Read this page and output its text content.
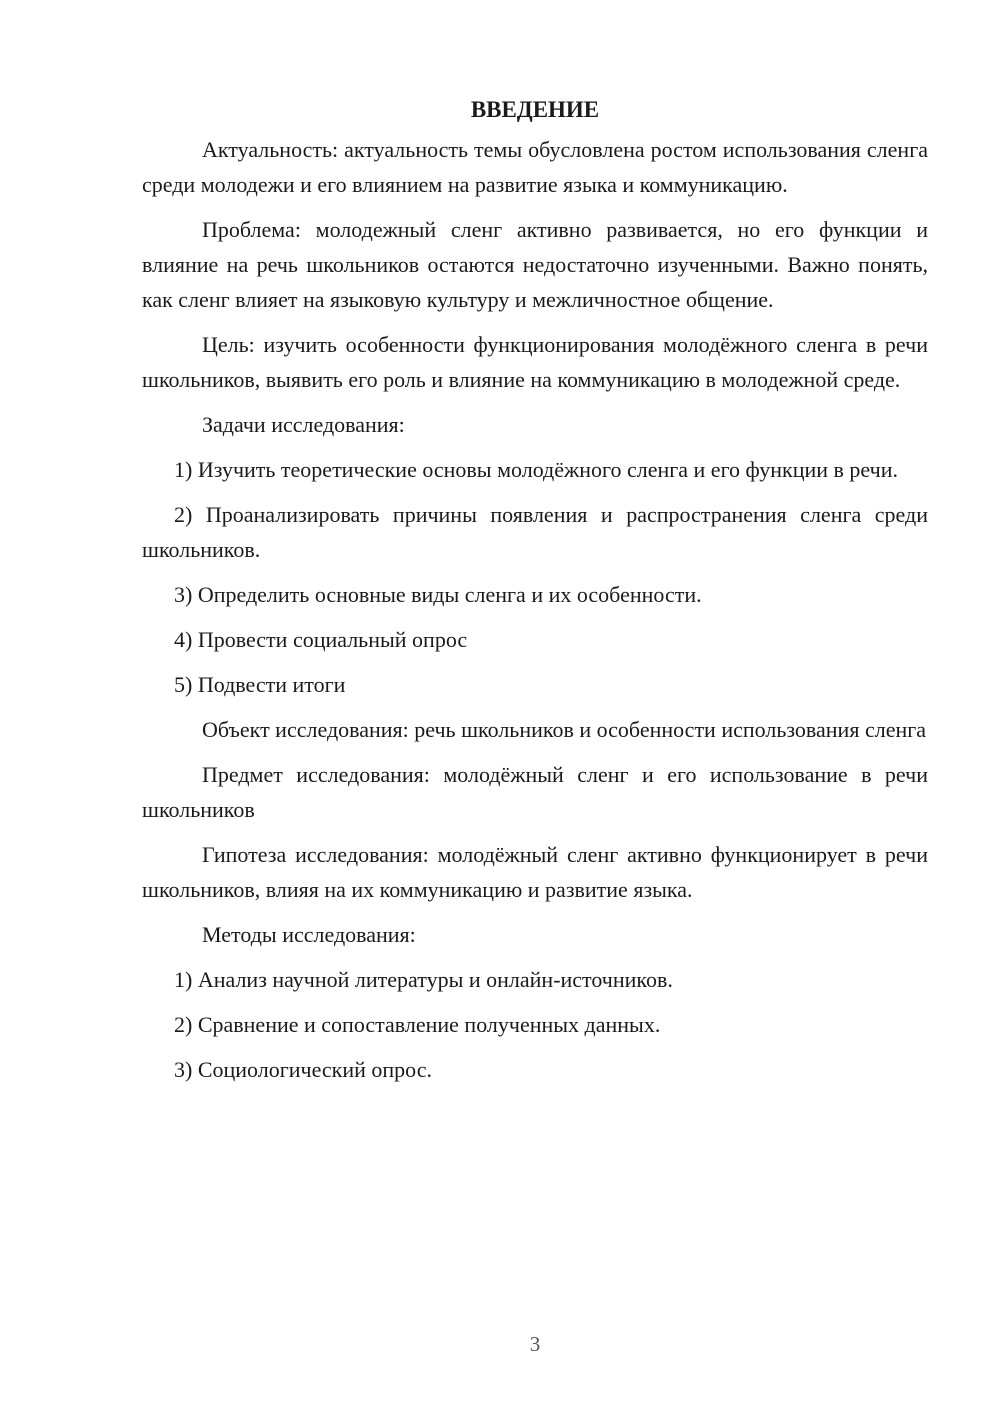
ВВЕДЕНИЕ

Актуальность: актуальность темы обусловлена ростом использования сленга среди молодежи и его влиянием на развитие языка и коммуникацию.

Проблема: молодежный сленг активно развивается, но его функции и влияние на речь школьников остаются недостаточно изученными. Важно понять, как сленг влияет на языковую культуру и межличностное общение.

Цель: изучить особенности функционирования молодёжного сленга в речи школьников, выявить его роль и влияние на коммуникацию в молодежной среде.

Задачи исследования:

1) Изучить теоретические основы молодёжного сленга и его функции в речи.

2) Проанализировать причины появления и распространения сленга среди школьников.

3) Определить основные виды сленга и их особенности.

4) Провести социальный опрос

5) Подвести итоги

Объект исследования: речь школьников и особенности использования сленга

Предмет исследования: молодёжный сленг и его использование в речи школьников

Гипотеза исследования: молодёжный сленг активно функционирует в речи школьников, влияя на их коммуникацию и развитие языка.

Методы исследования:

1) Анализ научной литературы и онлайн-источников.

2) Сравнение и сопоставление полученных данных.

3) Социологический опрос.

3
